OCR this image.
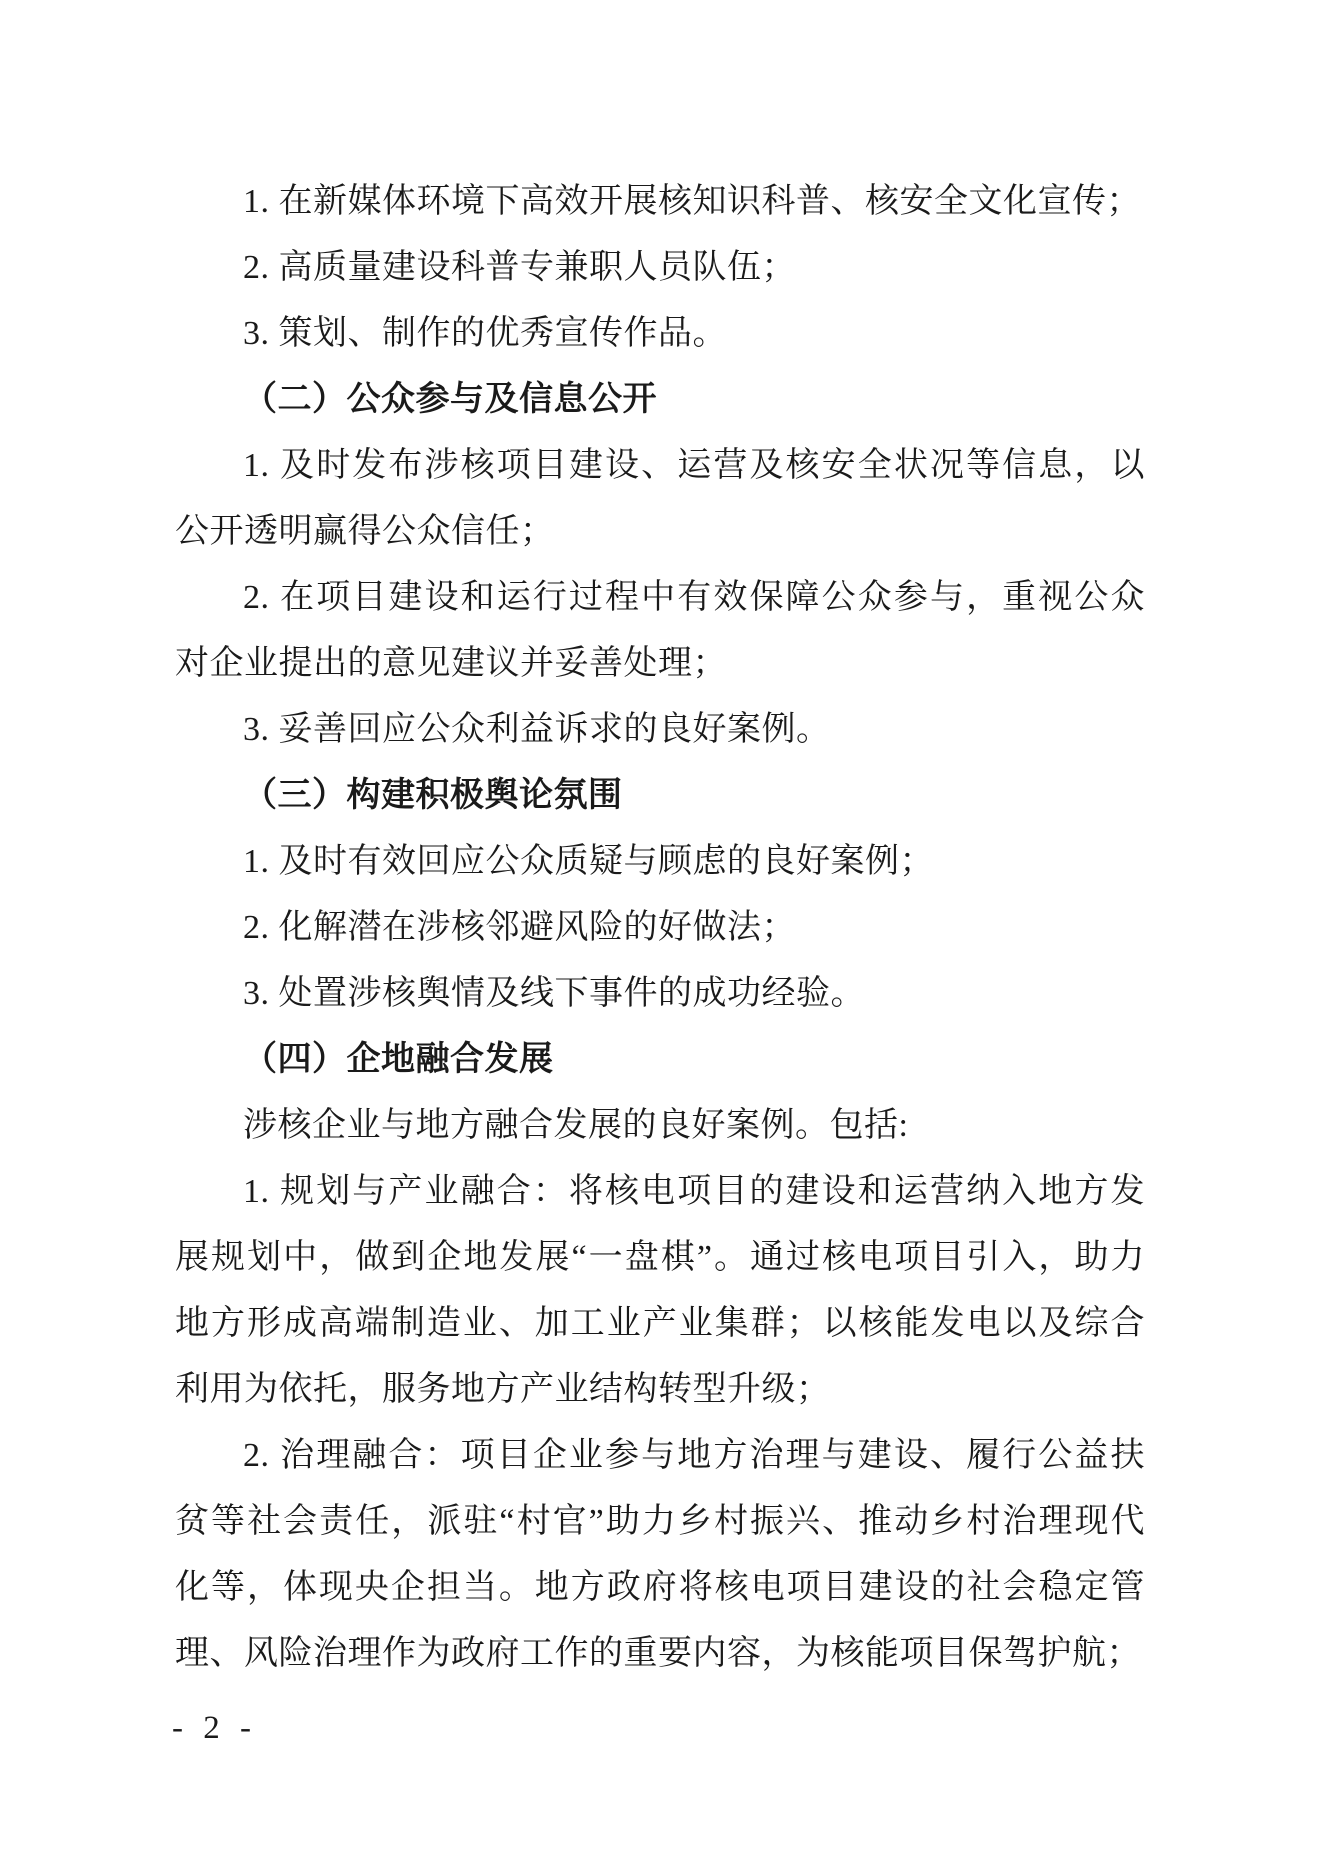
1. 在新媒体环境下高效开展核知识科普、核安全文化宣传；
2. 高质量建设科普专兼职人员队伍；
3. 策划、制作的优秀宣传作品。
（二）公众参与及信息公开
1. 及时发布涉核项目建设、运营及核安全状况等信息，以
公开透明赢得公众信任；
2. 在项目建设和运行过程中有效保障公众参与，重视公众
对企业提出的意见建议并妥善处理；
3. 妥善回应公众利益诉求的良好案例。
（三）构建积极舆论氛围
1. 及时有效回应公众质疑与顾虑的良好案例；
2. 化解潜在涉核邻避风险的好做法；
3. 处置涉核舆情及线下事件的成功经验。
（四）企地融合发展
涉核企业与地方融合发展的良好案例。包括:
1. 规划与产业融合：将核电项目的建设和运营纳入地方发
展规划中，做到企地发展“一盘棋”。通过核电项目引入，助力
地方形成高端制造业、加工业产业集群；以核能发电以及综合
利用为依托，服务地方产业结构转型升级；
2. 治理融合：项目企业参与地方治理与建设、履行公益扶
贫等社会责任，派驻“村官”助力乡村振兴、推动乡村治理现代
化等，体现央企担当。地方政府将核电项目建设的社会稳定管
理、风险治理作为政府工作的重要内容，为核能项目保驾护航；
- 2 -
